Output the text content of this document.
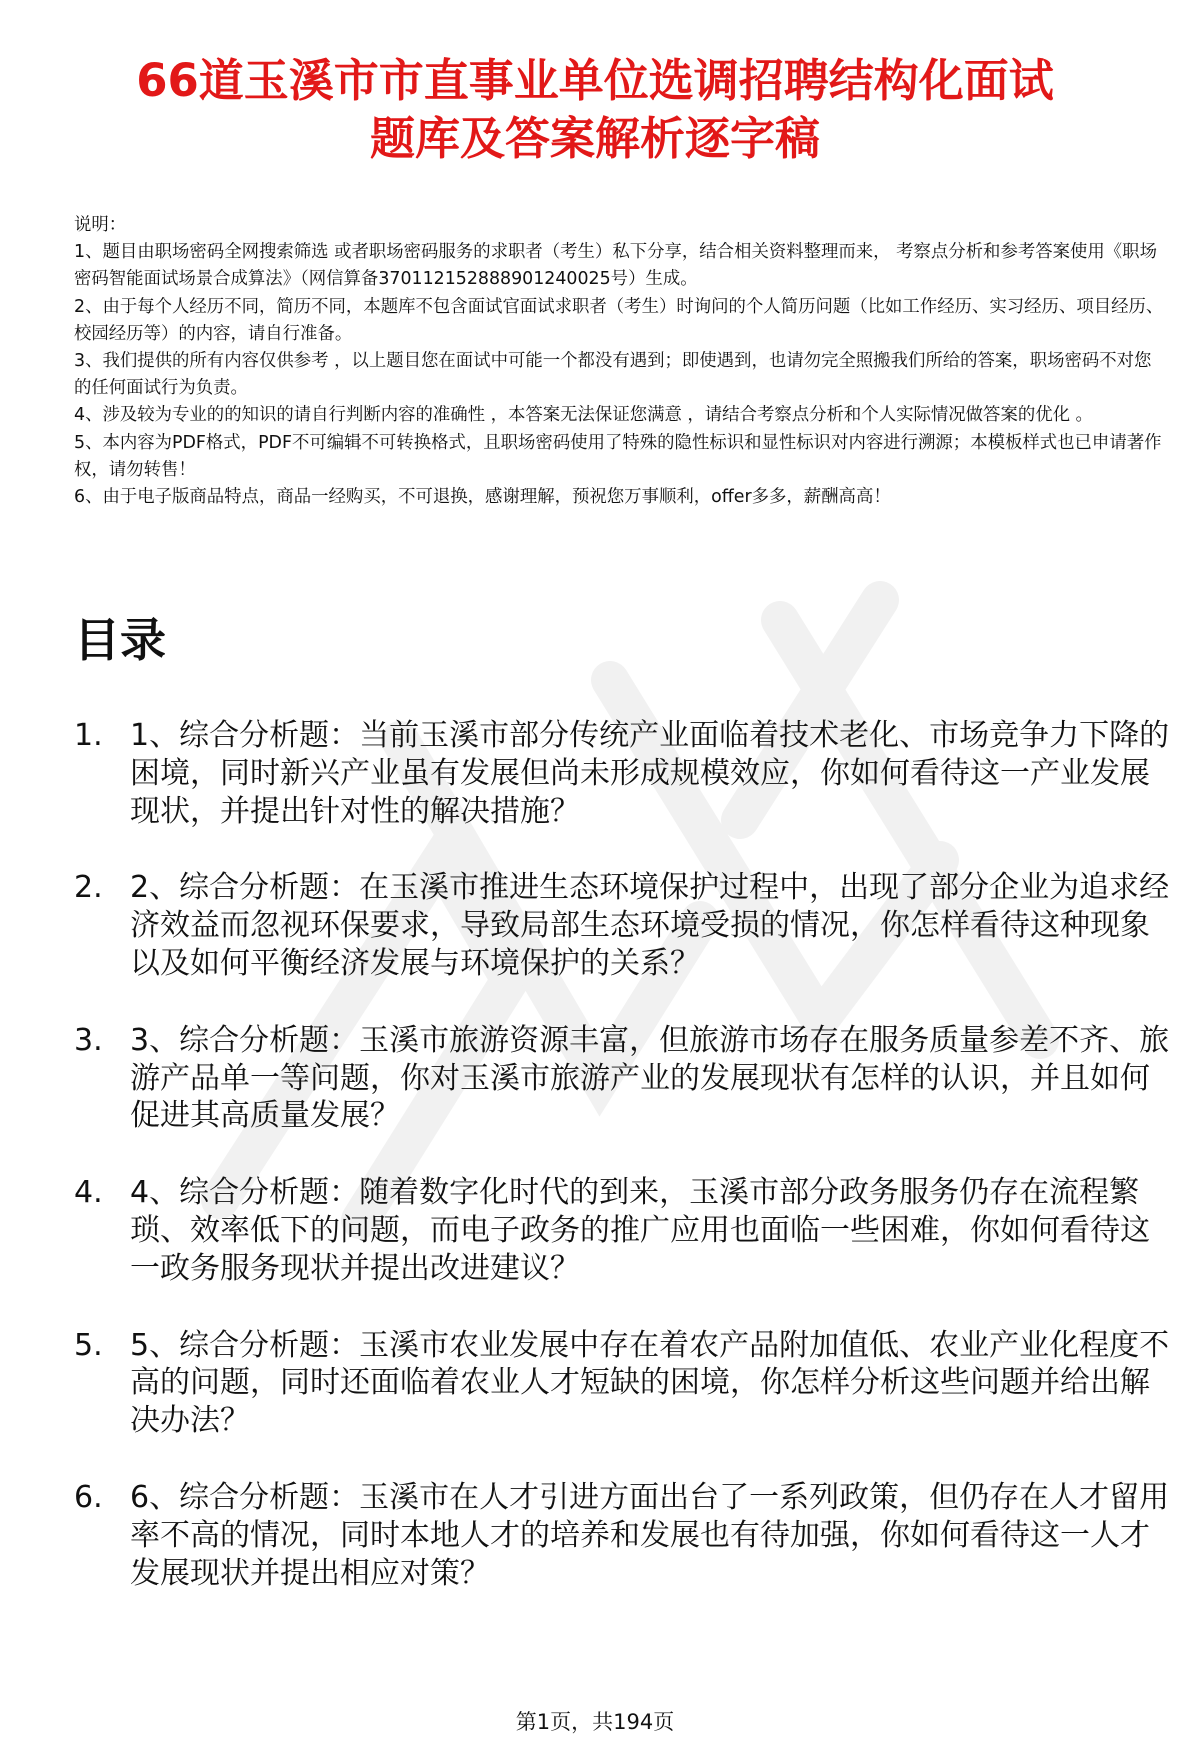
66道玉溪市市直事业单位选调招聘结构化面试
题库及答案解析逐字稿

说明：

1、题目由职场密码全网搜索筛选 或者职场密码服务的求职者（考生）私下分享，结合相关资料整理而来， 考察点分析和参考答案使用《职场密码智能面试场景合成算法》（网信算备370112152888901240025号）生成。

2、由于每个人经历不同，简历不同，本题库不包含面试官面试求职者（考生）时询问的个人简历问题（比如工作经历、实习经历、项目经历、校园经历等）的内容，请自行准备。

3、我们提供的所有内容仅供参考 ，以上题目您在面试中可能一个都没有遇到；即使遇到，也请勿完全照搬我们所给的答案，职场密码不对您的任何面试行为负责。

4、涉及较为专业的的知识的请自行判断内容的准确性 ，本答案无法保证您满意 ，请结合考察点分析和个人实际情况做答案的优化 。

5、本内容为PDF格式，PDF不可编辑不可转换格式，且职场密码使用了特殊的隐性标识和显性标识对内容进行溯源；本模板样式也已申请著作权，请勿转售！

6、由于电子版商品特点，商品一经购买，不可退换，感谢理解，预祝您万事顺利，offer多多，薪酬高高！

目录
1. 1、综合分析题：当前玉溪市部分传统产业面临着技术老化、市场竞争力下降的困境，同时新兴产业虽有发展但尚未形成规模效应，你如何看待这一产业发展现状，并提出针对性的解决措施？
2. 2、综合分析题：在玉溪市推进生态环境保护过程中，出现了部分企业为追求经济效益而忽视环保要求，导致局部生态环境受损的情况，你怎样看待这种现象以及如何平衡经济发展与环境保护的关系？
3. 3、综合分析题：玉溪市旅游资源丰富，但旅游市场存在服务质量参差不齐、旅游产品单一等问题，你对玉溪市旅游产业的发展现状有怎样的认识，并且如何促进其高质量发展？
4. 4、综合分析题：随着数字化时代的到来，玉溪市部分政务服务仍存在流程繁琐、效率低下的问题，而电子政务的推广应用也面临一些困难，你如何看待这一政务服务现状并提出改进建议？
5. 5、综合分析题：玉溪市农业发展中存在着农产品附加值低、农业产业化程度不高的问题，同时还面临着农业人才短缺的困境，你怎样分析这些问题并给出解决办法？
6. 6、综合分析题：玉溪市在人才引进方面出台了一系列政策，但仍存在人才留用率不高的情况，同时本地人才的培养和发展也有待加强，你如何看待这一人才发展现状并提出相应对策？
第1页，共194页
